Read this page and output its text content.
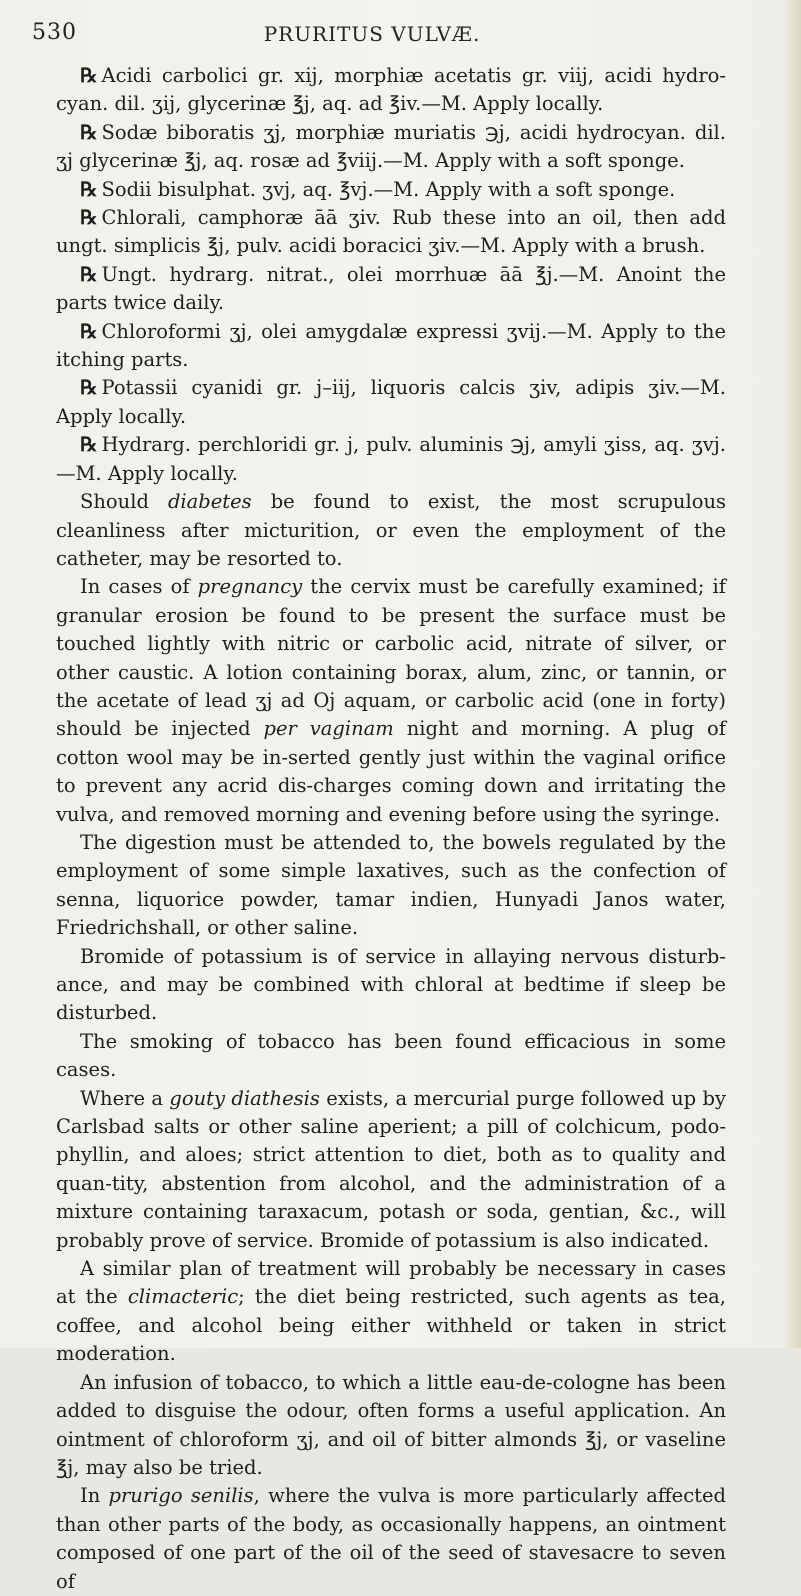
530	PRURITUS VULVÆ.

℞ Acidi carbolici gr. xij, morphiæ acetatis gr. viij, acidi hydro-cyan. dil. ʒij, glycerinæ ℥j, aq. ad ℥iv.—M. Apply locally.

℞ Sodæ biboratis ʒj, morphiæ muriatis ℈j, acidi hydrocyan. dil. ʒj glycerinæ ℥j, aq. rosæ ad ℥viij.—M. Apply with a soft sponge.

℞ Sodii bisulphat. ʒvj, aq. ℥vj.—M. Apply with a soft sponge.

℞ Chlorali, camphoræ āā ʒiv. Rub these into an oil, then add ungt. simplicis ℥j, pulv. acidi boracici ʒiv.—M. Apply with a brush.

℞ Ungt. hydrarg. nitrat., olei morrhuæ āā ℥j.—M. Anoint the parts twice daily.

℞ Chloroformi ʒj, olei amygdalæ expressi ʒvij.—M. Apply to the itching parts.

℞ Potassii cyanidi gr. j–iij, liquoris calcis ʒiv, adipis ʒiv.—M. Apply locally.

℞ Hydrarg. perchloridi gr. j, pulv. aluminis ℈j, amyli ʒiss, aq. ʒvj.—M. Apply locally.

Should diabetes be found to exist, the most scrupulous cleanliness after micturition, or even the employment of the catheter, may be resorted to.

In cases of pregnancy the cervix must be carefully examined; if granular erosion be found to be present the surface must be touched lightly with nitric or carbolic acid, nitrate of silver, or other caustic. A lotion containing borax, alum, zinc, or tannin, or the acetate of lead ʒj ad Oj aquam, or carbolic acid (one in forty) should be injected per vaginam night and morning. A plug of cotton wool may be in-serted gently just within the vaginal orifice to prevent any acrid dis-charges coming down and irritating the vulva, and removed morning and evening before using the syringe.

The digestion must be attended to, the bowels regulated by the employment of some simple laxatives, such as the confection of senna, liquorice powder, tamar indien, Hunyadi Janos water, Friedrichshall, or other saline.

Bromide of potassium is of service in allaying nervous disturb-ance, and may be combined with chloral at bedtime if sleep be disturbed.

The smoking of tobacco has been found efficacious in some cases.

Where a gouty diathesis exists, a mercurial purge followed up by Carlsbad salts or other saline aperient; a pill of colchicum, podo-phyllin, and aloes; strict attention to diet, both as to quality and quan-tity, abstention from alcohol, and the administration of a mixture containing taraxacum, potash or soda, gentian, &c., will probably prove of service. Bromide of potassium is also indicated.

A similar plan of treatment will probably be necessary in cases at the climacteric; the diet being restricted, such agents as tea, coffee, and alcohol being either withheld or taken in strict moderation.

An infusion of tobacco, to which a little eau-de-cologne has been added to disguise the odour, often forms a useful application. An ointment of chloroform ʒj, and oil of bitter almonds ℥j, or vaseline ℥j, may also be tried.

In prurigo senilis, where the vulva is more particularly affected than other parts of the body, as occasionally happens, an ointment composed of one part of the oil of the seed of stavesacre to seven of
